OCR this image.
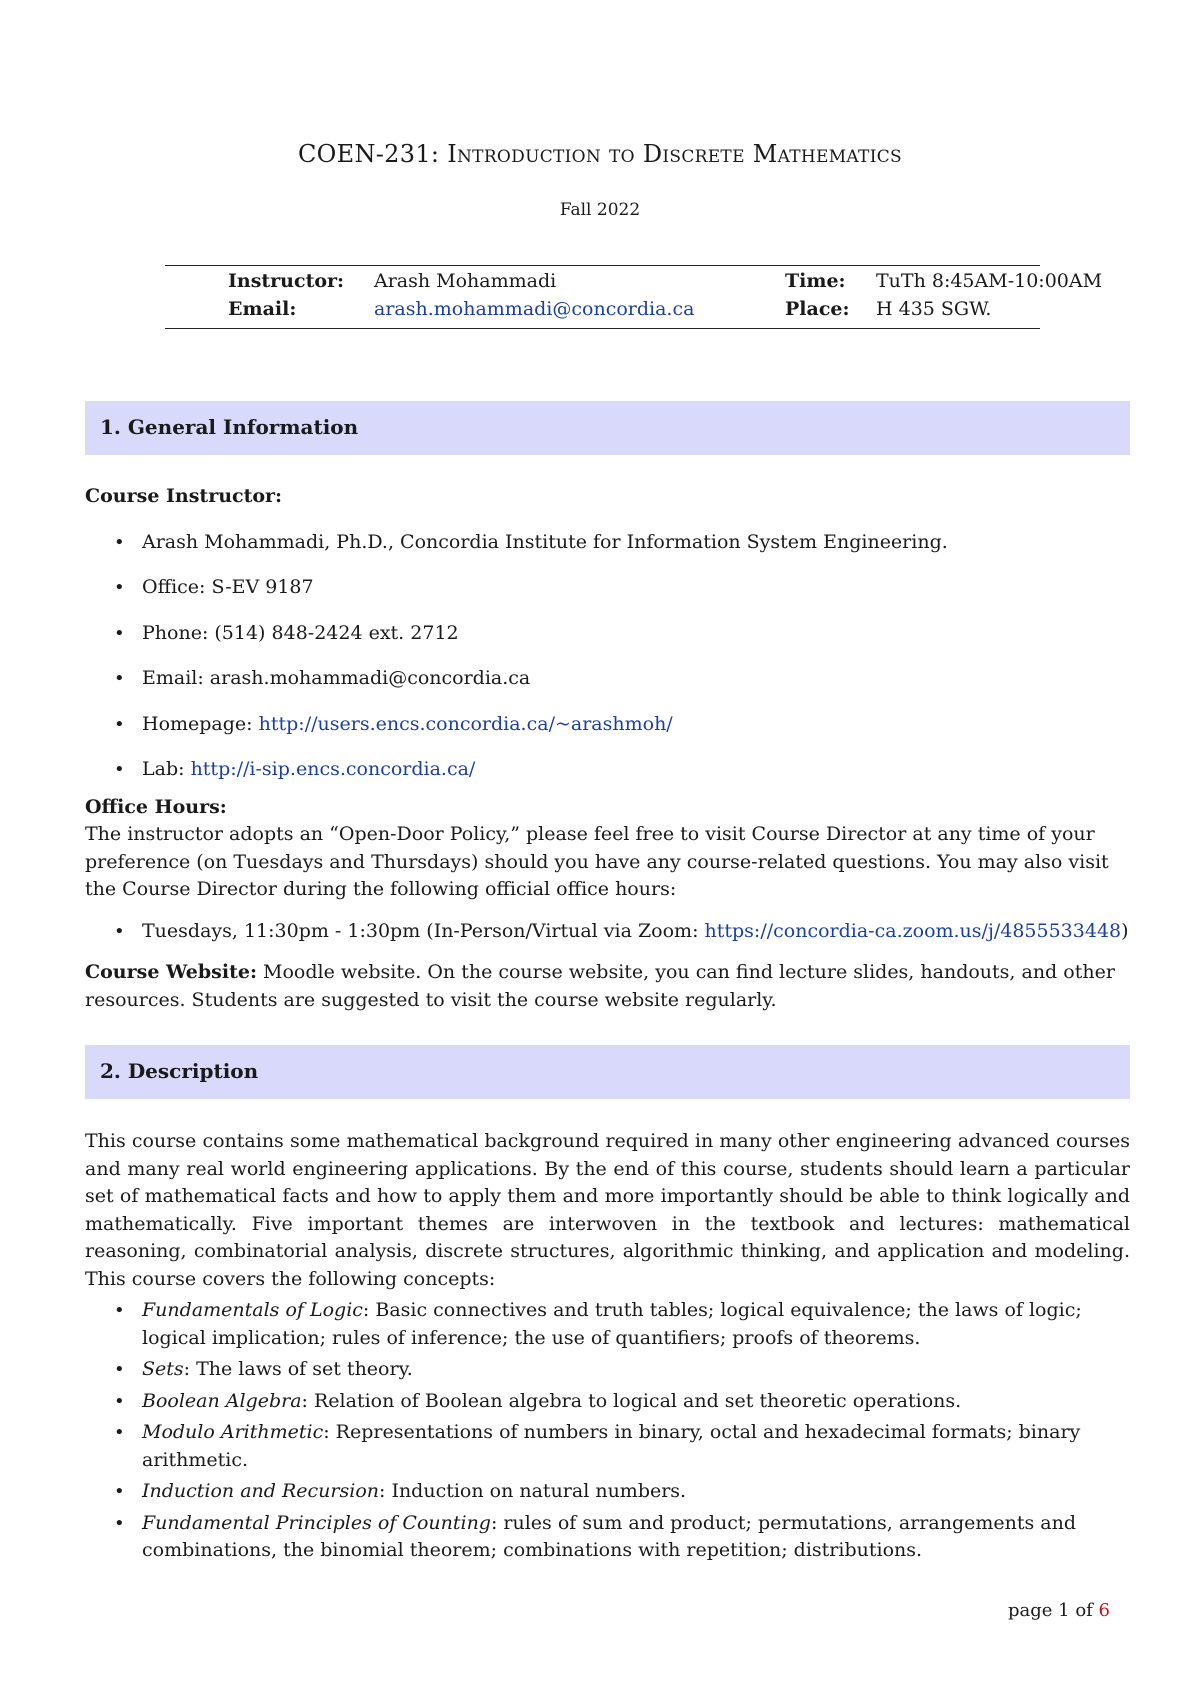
COEN-231: Introduction to Discrete Mathematics
Fall 2022
Instructor: Arash Mohammadi	Time: TuTh 8:45AM-10:00AM
Email:	arash.mohammadi@concordia.ca	Place: H 435 SGW.
1. General Information
Course Instructor:
• Arash Mohammadi, Ph.D., Concordia Institute for Information System Engineering.
• Office: S-EV 9187
• Phone: (514) 848-2424 ext. 2712
• Email: arash.mohammadi@concordia.ca
• Homepage: http://users.encs.concordia.ca/~arashmoh/
• Lab: http://i-sip.encs.concordia.ca/
Office Hours:
The instructor adopts an “Open-Door Policy,” please feel free to visit Course Director at any time of your preference (on Tuesdays and Thursdays) should you have any course-related questions. You may also visit the Course Director during the following official office hours:
• Tuesdays, 11:30pm - 1:30pm (In-Person/Virtual via Zoom: https://concordia-ca.zoom.us/j/4855533448)
Course Website: Moodle website. On the course website, you can find lecture slides, handouts, and other resources. Students are suggested to visit the course website regularly.
2. Description
This course contains some mathematical background required in many other engineering advanced courses and many real world engineering applications. By the end of this course, students should learn a particular set of mathematical facts and how to apply them and more importantly should be able to think logically and mathematically. Five important themes are interwoven in the textbook and lectures: mathematical reasoning, combinatorial analysis, discrete structures, algorithmic thinking, and application and modeling. This course covers the following concepts:
• Fundamentals of Logic: Basic connectives and truth tables; logical equivalence; the laws of logic; logical implication; rules of inference; the use of quantifiers; proofs of theorems.
• Sets: The laws of set theory.
• Boolean Algebra: Relation of Boolean algebra to logical and set theoretic operations.
• Modulo Arithmetic: Representations of numbers in binary, octal and hexadecimal formats; binary arithmetic.
• Induction and Recursion: Induction on natural numbers.
• Fundamental Principles of Counting: rules of sum and product; permutations, arrangements and combinations, the binomial theorem; combinations with repetition; distributions.
page 1 of 6
